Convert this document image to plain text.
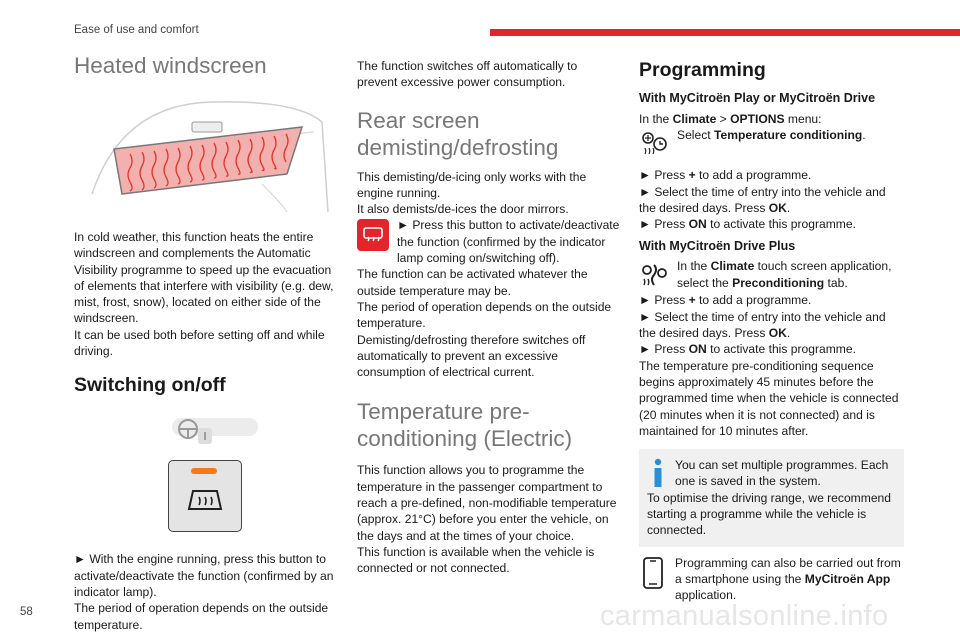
Ease of use and comfort
Heated windscreen

In cold weather, this function heats the entire windscreen and complements the Automatic Visibility programme to speed up the evacuation of elements that interfere with visibility (e.g. dew, mist, frost, snow), located on either side of the windscreen.

It can be used both before setting off and while driving.

Switching on/off

► With the engine running, press this button to activate/deactivate the function (confirmed by an indicator lamp).

The period of operation depends on the outside temperature.

The function switches off automatically to prevent excessive power consumption.

Rear screen demisting/defrosting

This demisting/de-icing only works with the engine running.

It also demists/de-ices the door mirrors.

► Press this button to activate/deactivate the function (confirmed by the indicator lamp coming on/switching off).

The function can be activated whatever the outside temperature may be.

The period of operation depends on the outside temperature.

Demisting/defrosting therefore switches off automatically to prevent an excessive consumption of electrical current.

Temperature pre-conditioning (Electric)

This function allows you to programme the temperature in the passenger compartment to reach a pre-defined, non-modifiable temperature (approx. 21°C) before you enter the vehicle, on the days and at the times of your choice.

This function is available when the vehicle is connected or not connected.

Programming
With MyCitroën Play or MyCitroën Drive

In the Climate > OPTIONS menu:

Select Temperature conditioning.

► Press + to add a programme.

► Select the time of entry into the vehicle and the desired days. Press OK.

► Press ON to activate this programme.

With MyCitroën Drive Plus

In the Climate touch screen application, select the Preconditioning tab.

► Press + to add a programme.

► Select the time of entry into the vehicle and the desired days. Press OK.

► Press ON to activate this programme.

The temperature pre-conditioning sequence begins approximately 45 minutes before the programmed time when the vehicle is connected (20 minutes when it is not connected) and is maintained for 10 minutes after.

You can set multiple programmes. Each one is saved in the system.

To optimise the driving range, we recommend starting a programme while the vehicle is connected.

Programming can also be carried out from a smartphone using the MyCitroën App application.

58	carmanualsonline.info
